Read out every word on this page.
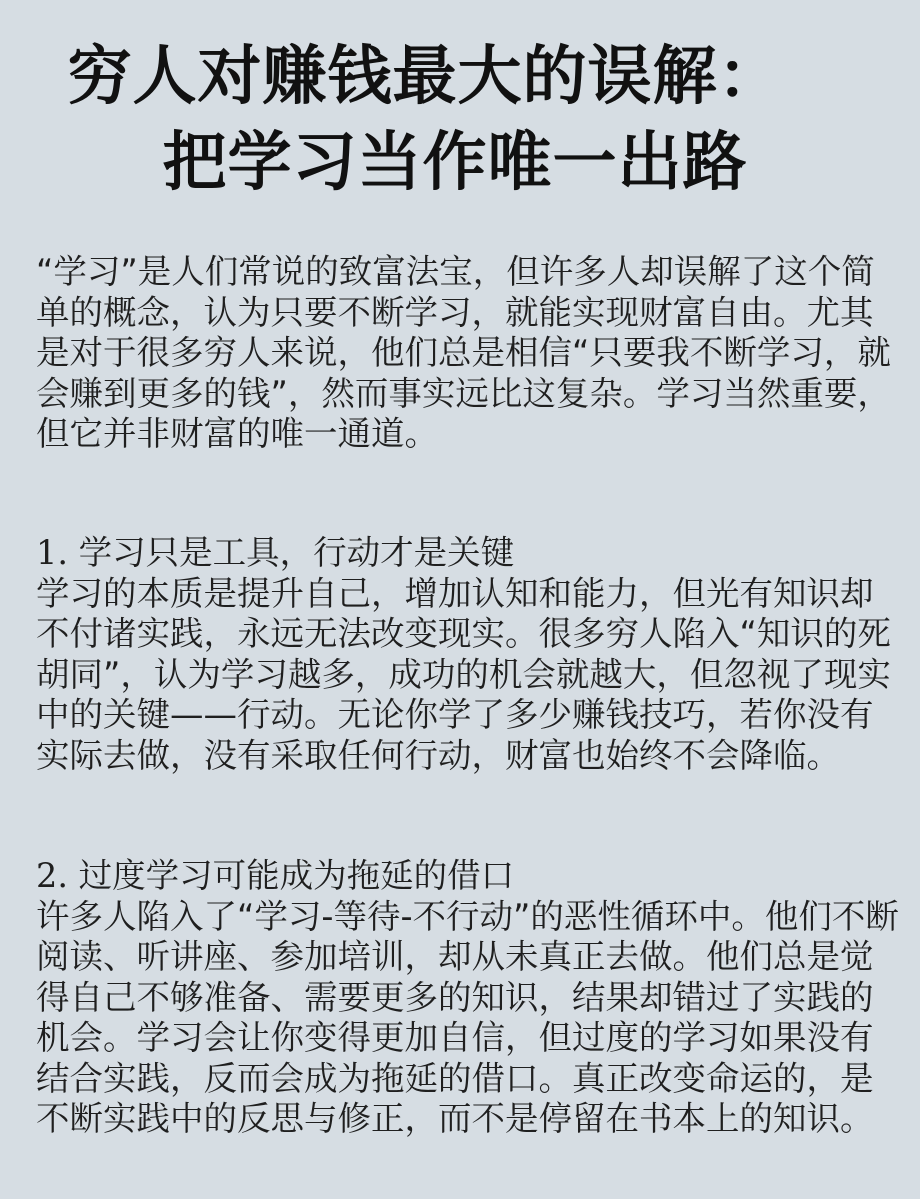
穷人对赚钱最大的误解：
把学习当作唯一出路
“学习”是人们常说的致富法宝，但许多人却误解了这个简
单的概念，认为只要不断学习，就能实现财富自由。尤其
是对于很多穷人来说，他们总是相信“只要我不断学习，就
会赚到更多的钱”，然而事实远比这复杂。学习当然重要，
但它并非财富的唯一通道。
1. 学习只是工具，行动才是关键
学习的本质是提升自己，增加认知和能力，但光有知识却
不付诸实践，永远无法改变现实。很多穷人陷入“知识的死
胡同”，认为学习越多，成功的机会就越大，但忽视了现实
中的关键——行动。无论你学了多少赚钱技巧，若你没有
实际去做，没有采取任何行动，财富也始终不会降临。
2. 过度学习可能成为拖延的借口
许多人陷入了“学习-等待-不行动”的恶性循环中。他们不断
阅读、听讲座、参加培训，却从未真正去做。他们总是觉
得自己不够准备、需要更多的知识，结果却错过了实践的
机会。学习会让你变得更加自信，但过度的学习如果没有
结合实践，反而会成为拖延的借口。真正改变命运的，是
不断实践中的反思与修正，而不是停留在书本上的知识。
